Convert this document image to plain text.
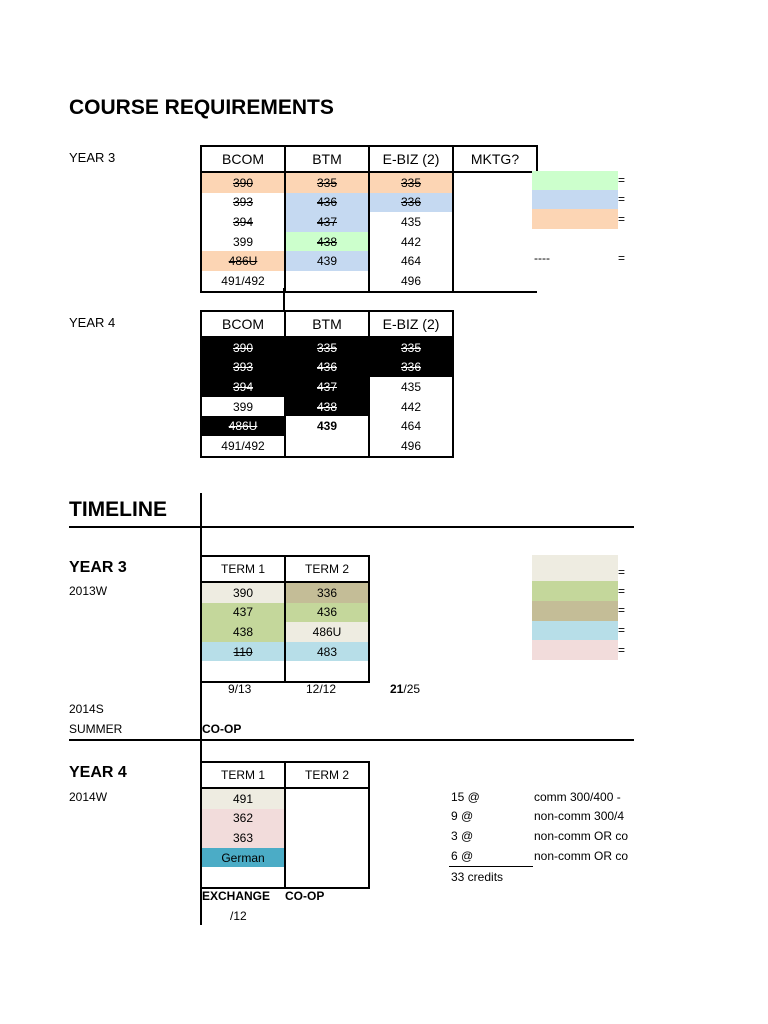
COURSE REQUIREMENTS
YEAR 3	BCOM	BTM	E-BIZ (2)	MKTG?
390	335	335	
393	436	336	
394	437	435	
399	438	442	
486U	439	464	
491/492		496	
=
=
=
----	=
YEAR 4	BCOM	BTM	E-BIZ (2)
390	335	335
393	436	336
394	437	435
399	438	442
486U	439	464
491/492		496
TIMELINE
YEAR 3
2013W
TERM 1	TERM 2
390	336
437	436
438	486U
110	483

9/13	12/12	21/25
=
=
=
=
=
2014S
SUMMER	CO-OP
YEAR 4
2014W
TERM 1	TERM 2
491	
362	
363	
German	

EXCHANGE CO-OP
/12
15 @	comm 300/400 -
9 @	non-comm 300/4
3 @	non-comm OR co
6 @	non-comm OR co
33 credits
